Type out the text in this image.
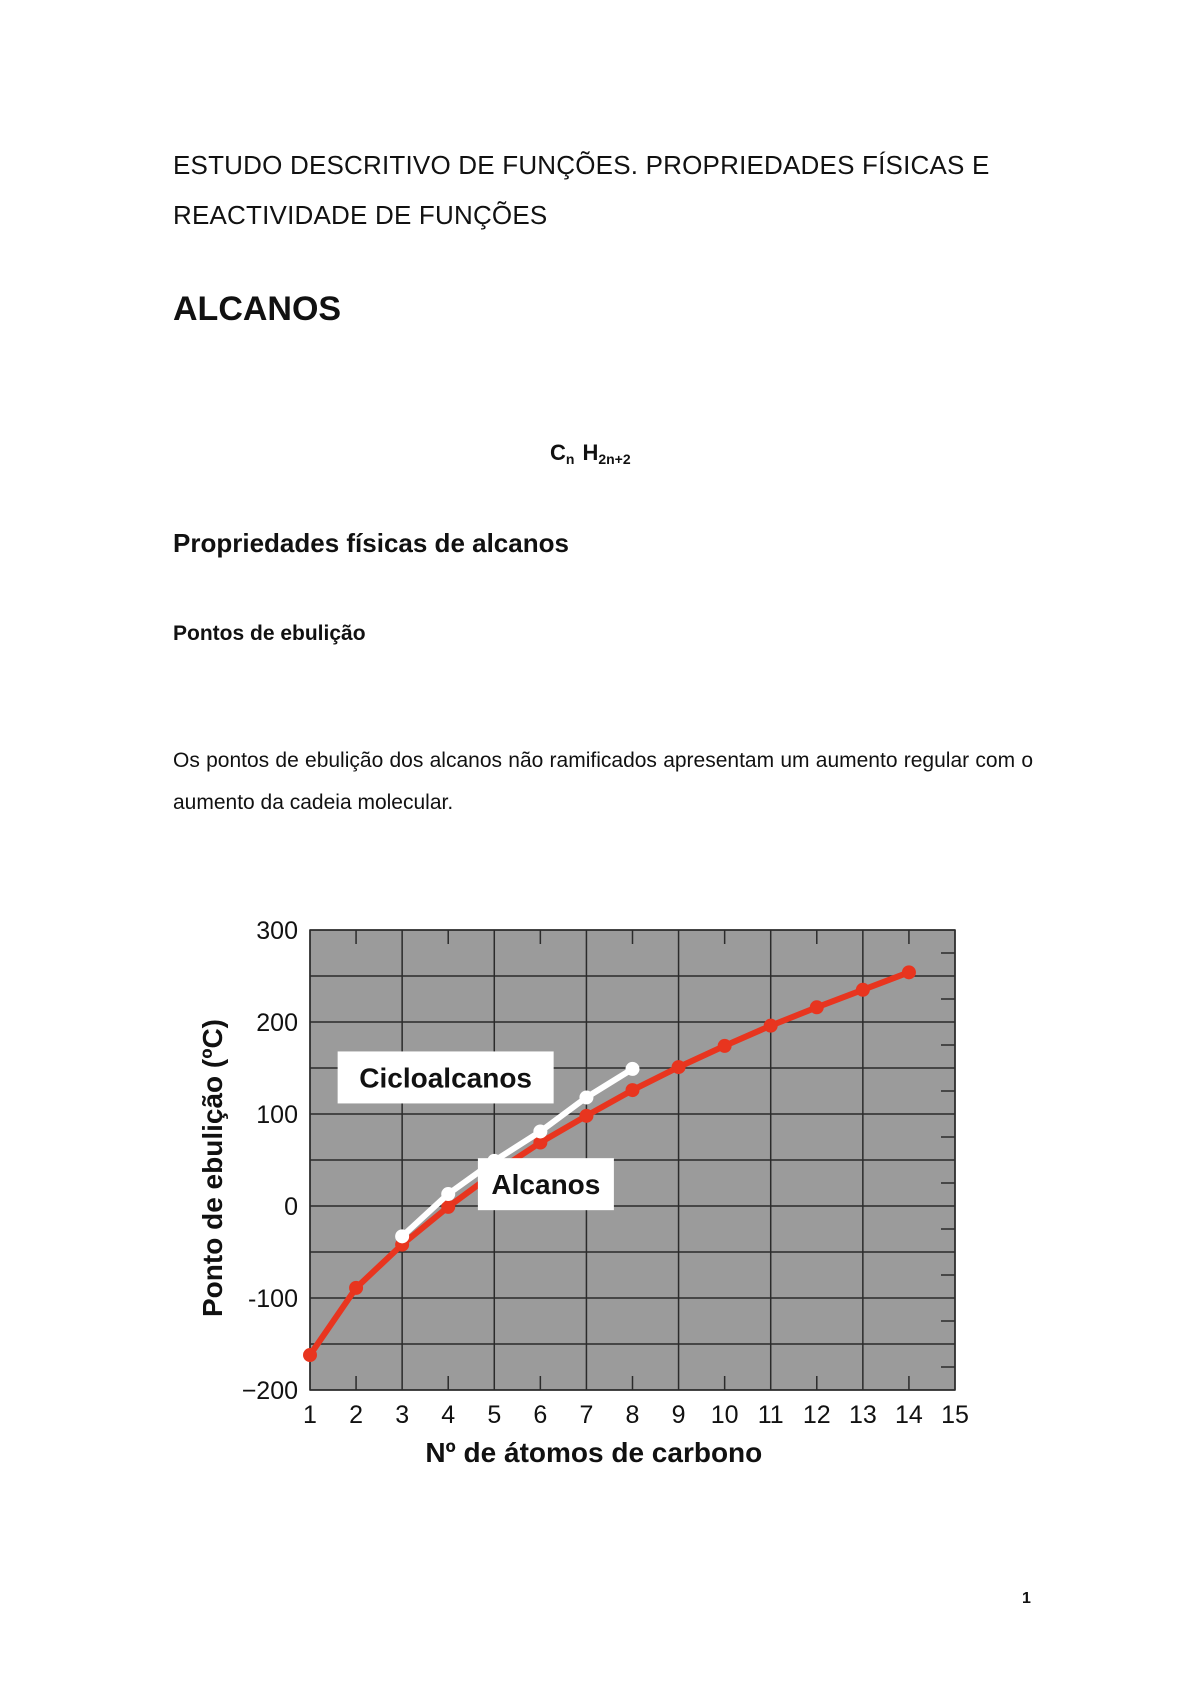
ESTUDO DESCRITIVO DE FUNÇÕES. PROPRIEDADES FÍSICAS E REACTIVIDADE DE FUNÇÕES
ALCANOS

$C_n$ $H_{2n+2}$

Propriedades físicas de alcanos
Pontos de ebulição

Os pontos de ebulição dos alcanos não ramificados apresentam um aumento regular com o aumento da cadeia molecular.

1 2 3 4 5 6 7 8 9 10 11 12 13 14 15
300
200
100
0
−200
-100
Nº de átomos de carbono
Ponto de ebulição (ºC)	Cicloalcanos
Alcanos

1
